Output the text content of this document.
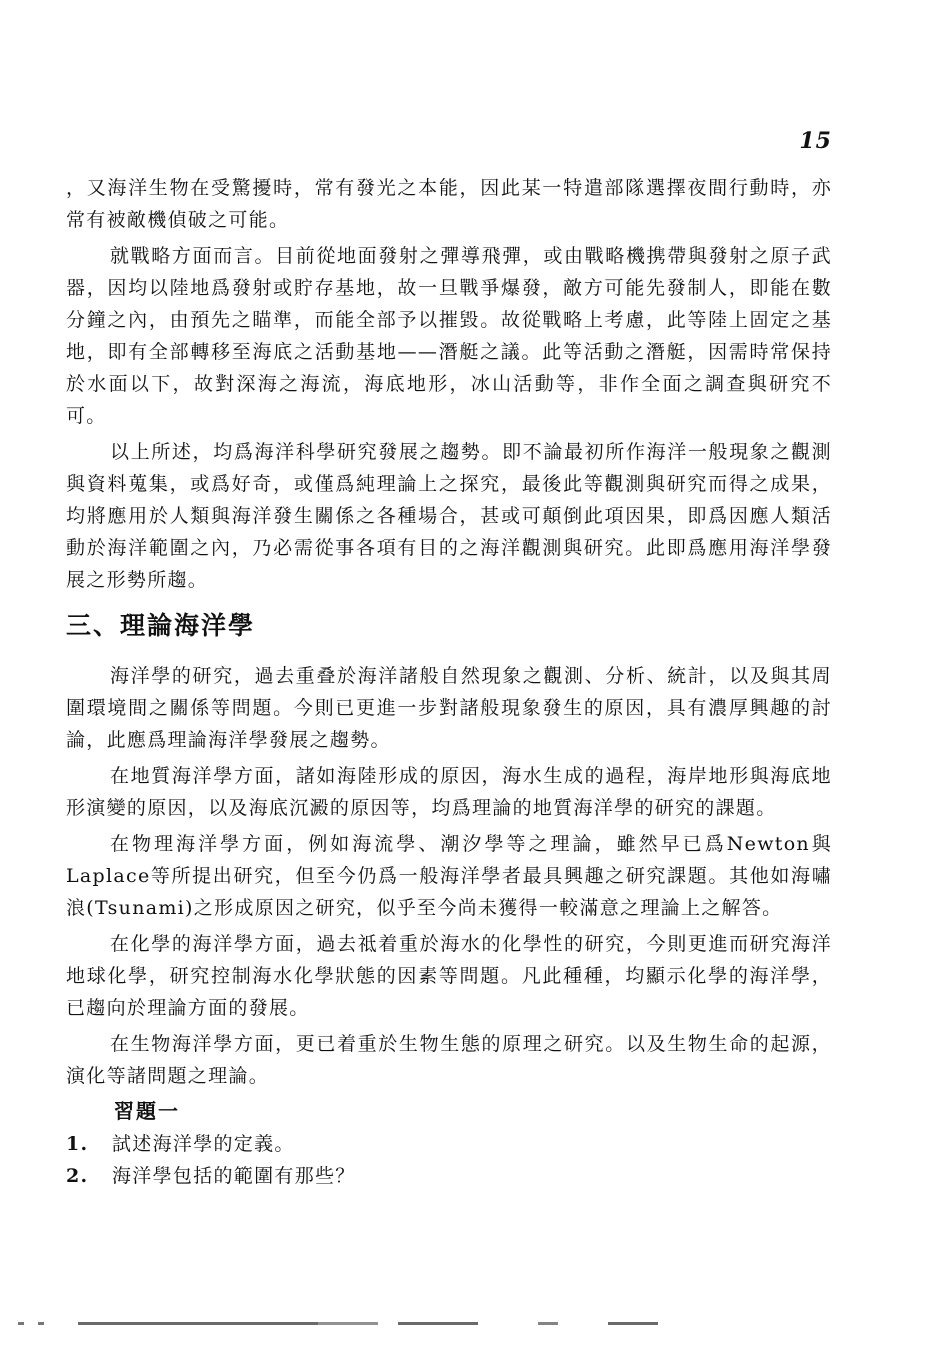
15

，又海洋生物在受驚擾時，常有發光之本能，因此某一特遣部隊選擇夜間行動時，亦常有被敵機偵破之可能。

就戰略方面而言。目前從地面發射之彈導飛彈，或由戰略機携帶與發射之原子武器，因均以陸地爲發射或貯存基地，故一旦戰爭爆發，敵方可能先發制人，即能在數分鐘之內，由預先之瞄準，而能全部予以摧毀。故從戰略上考慮，此等陸上固定之基地，即有全部轉移至海底之活動基地——潛艇之議。此等活動之潛艇，因需時常保持於水面以下，故對深海之海流，海底地形，冰山活動等，非作全面之調查與研究不可。

以上所述，均爲海洋科學研究發展之趨勢。即不論最初所作海洋一般現象之觀測與資料蒐集，或爲好奇，或僅爲純理論上之探究，最後此等觀測與研究而得之成果，均將應用於人類與海洋發生關係之各種場合，甚或可顛倒此項因果，即爲因應人類活動於海洋範圍之內，乃必需從事各項有目的之海洋觀測與研究。此即爲應用海洋學發展之形勢所趨。

三、理論海洋學

海洋學的研究，過去重叠於海洋諸般自然現象之觀測、分析、統計，以及與其周圍環境間之關係等問題。今則已更進一步對諸般現象發生的原因，具有濃厚興趣的討論，此應爲理論海洋學發展之趨勢。

在地質海洋學方面，諸如海陸形成的原因，海水生成的過程，海岸地形與海底地形演變的原因，以及海底沉澱的原因等，均爲理論的地質海洋學的研究的課題。

在物理海洋學方面，例如海流學、潮汐學等之理論，雖然早已爲Newton與Laplace等所提出研究，但至今仍爲一般海洋學者最具興趣之研究課題。其他如海嘯浪(Tsunami)之形成原因之研究，似乎至今尚未獲得一較滿意之理論上之解答。

在化學的海洋學方面，過去祗着重於海水的化學性的研究，今則更進而研究海洋地球化學，研究控制海水化學狀態的因素等問題。凡此種種，均顯示化學的海洋學，已趨向於理論方面的發展。

在生物海洋學方面，更已着重於生物生態的原理之研究。以及生物生命的起源，演化等諸問題之理論。

習題一
1.	試述海洋學的定義。
2.	海洋學包括的範圍有那些？
